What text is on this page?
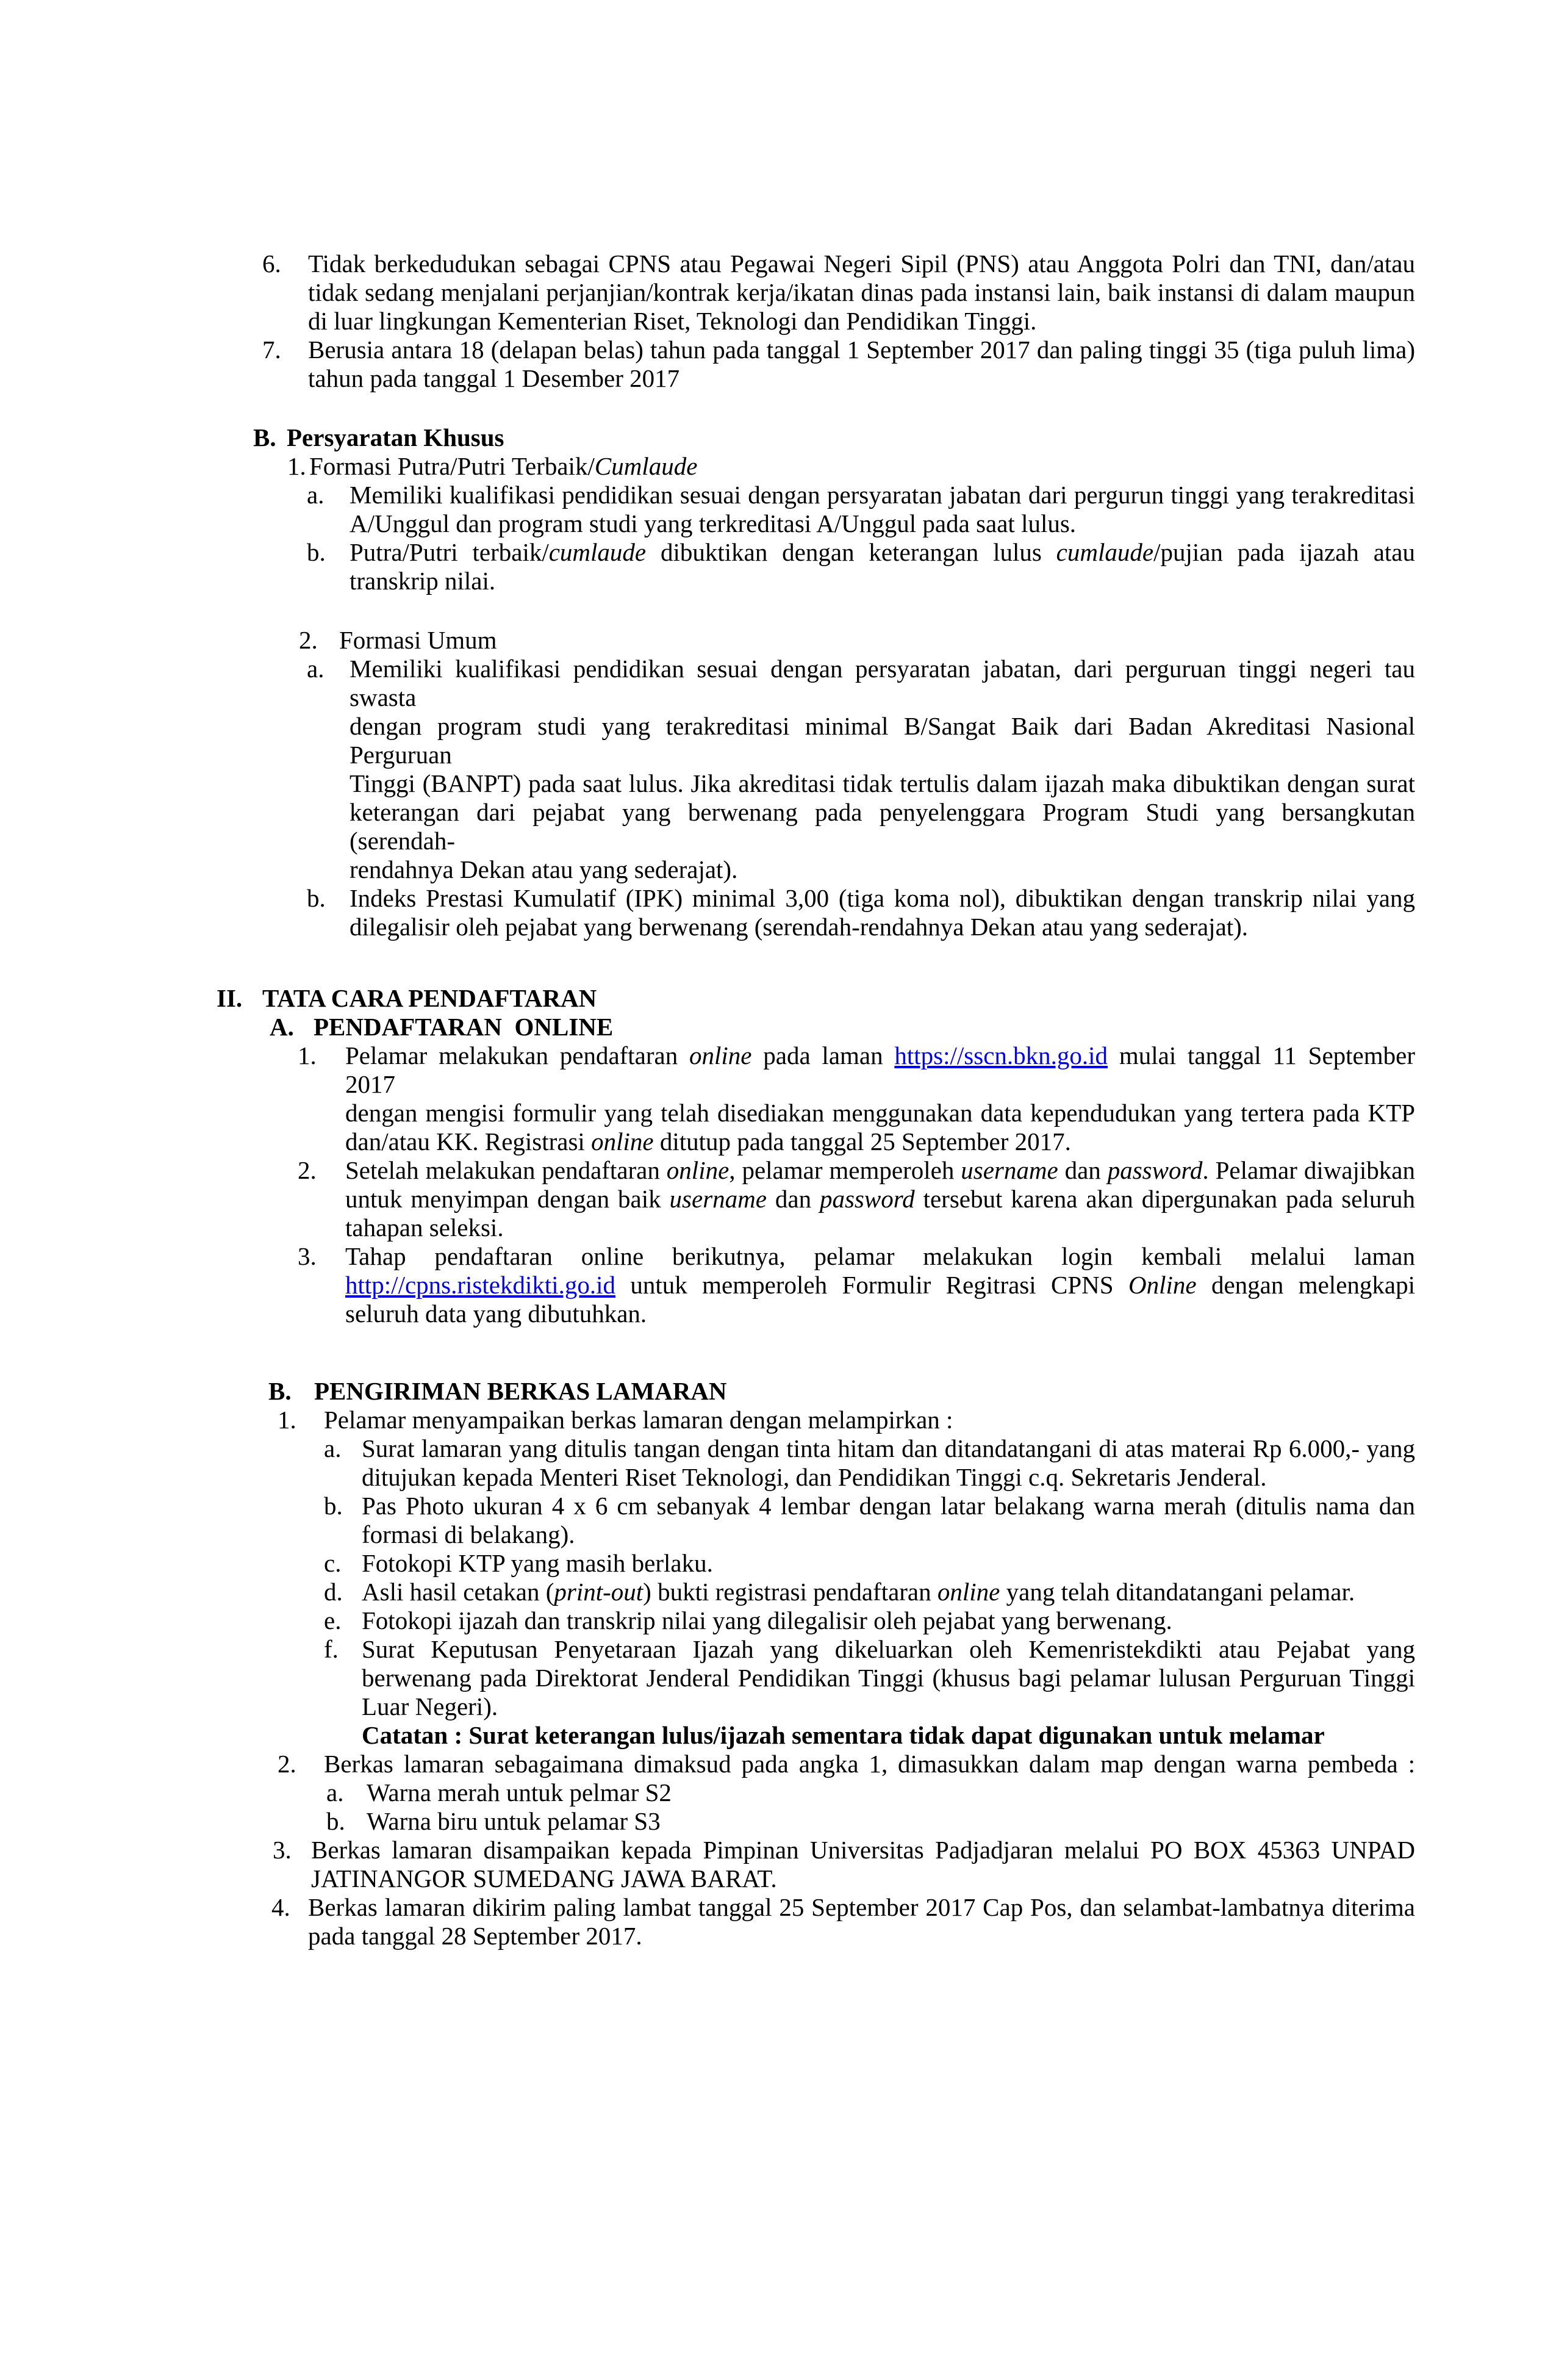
6. Tidak berkedudukan sebagai CPNS atau Pegawai Negeri Sipil (PNS) atau Anggota Polri dan TNI, dan/atau
tidak sedang menjalani perjanjian/kontrak kerja/ikatan dinas pada instansi lain, baik instansi di dalam maupun
di luar lingkungan Kementerian Riset, Teknologi dan Pendidikan Tinggi.
7. Berusia antara 18 (delapan belas) tahun pada tanggal 1 September 2017 dan paling tinggi 35 (tiga puluh lima)
tahun pada tanggal 1 Desember 2017
B. Persyaratan Khusus
1. Formasi Putra/Putri Terbaik/Cumlaude
a. Memiliki kualifikasi pendidikan sesuai dengan persyaratan jabatan dari pergurun tinggi yang terakreditasi
A/Unggul dan program studi yang terkreditasi A/Unggul pada saat lulus.
b. Putra/Putri terbaik/cumlaude dibuktikan dengan keterangan lulus cumlaude/pujian pada ijazah atau
transkrip nilai.
2. Formasi Umum
a. Memiliki kualifikasi pendidikan sesuai dengan persyaratan jabatan, dari perguruan tinggi negeri tau swasta
dengan program studi yang terakreditasi minimal B/Sangat Baik dari Badan Akreditasi Nasional Perguruan
Tinggi (BANPT) pada saat lulus. Jika akreditasi tidak tertulis dalam ijazah maka dibuktikan dengan surat
keterangan dari pejabat yang berwenang pada penyelenggara Program Studi yang bersangkutan (serendah-
rendahnya Dekan atau yang sederajat).
b. Indeks Prestasi Kumulatif (IPK) minimal 3,00 (tiga koma nol), dibuktikan dengan transkrip nilai yang
dilegalisir oleh pejabat yang berwenang (serendah-rendahnya Dekan atau yang sederajat).
II. TATA CARA PENDAFTARAN
A. PENDAFTARAN  ONLINE
1. Pelamar melakukan pendaftaran online pada laman https://sscn.bkn.go.id mulai tanggal 11 September 2017
dengan mengisi formulir yang telah disediakan menggunakan data kependudukan yang tertera pada KTP
dan/atau KK. Registrasi online ditutup pada tanggal 25 September 2017.
2. Setelah melakukan pendaftaran online, pelamar memperoleh username dan password. Pelamar diwajibkan
untuk menyimpan dengan baik username dan password tersebut karena akan dipergunakan pada seluruh
tahapan seleksi.
3. Tahap pendaftaran online berikutnya, pelamar melakukan login kembali melalui laman
http://cpns.ristekdikti.go.id untuk memperoleh Formulir Regitrasi CPNS Online dengan melengkapi
seluruh data yang dibutuhkan.
B. PENGIRIMAN BERKAS LAMARAN
1. Pelamar menyampaikan berkas lamaran dengan melampirkan :
a. Surat lamaran yang ditulis tangan dengan tinta hitam dan ditandatangani di atas materai Rp 6.000,- yang
ditujukan kepada Menteri Riset Teknologi, dan Pendidikan Tinggi c.q. Sekretaris Jenderal.
b. Pas Photo ukuran 4 x 6 cm sebanyak 4 lembar dengan latar belakang warna merah (ditulis nama dan
formasi di belakang).
c. Fotokopi KTP yang masih berlaku.
d. Asli hasil cetakan (print-out) bukti registrasi pendaftaran online yang telah ditandatangani pelamar.
e. Fotokopi ijazah dan transkrip nilai yang dilegalisir oleh pejabat yang berwenang.
f. Surat Keputusan Penyetaraan Ijazah yang dikeluarkan oleh Kemenristekdikti atau Pejabat yang
berwenang pada Direktorat Jenderal Pendidikan Tinggi (khusus bagi pelamar lulusan Perguruan Tinggi
Luar Negeri).
Catatan : Surat keterangan lulus/ijazah sementara tidak dapat digunakan untuk melamar
2. Berkas lamaran sebagaimana dimaksud pada angka 1, dimasukkan dalam map dengan warna pembeda :
a. Warna merah untuk pelmar S2
b. Warna biru untuk pelamar S3
3. Berkas lamaran disampaikan kepada Pimpinan Universitas Padjadjaran melalui PO BOX 45363 UNPAD
JATINANGOR SUMEDANG JAWA BARAT.
4. Berkas lamaran dikirim paling lambat tanggal 25 September 2017 Cap Pos, dan selambat-lambatnya diterima
pada tanggal 28 September 2017.
